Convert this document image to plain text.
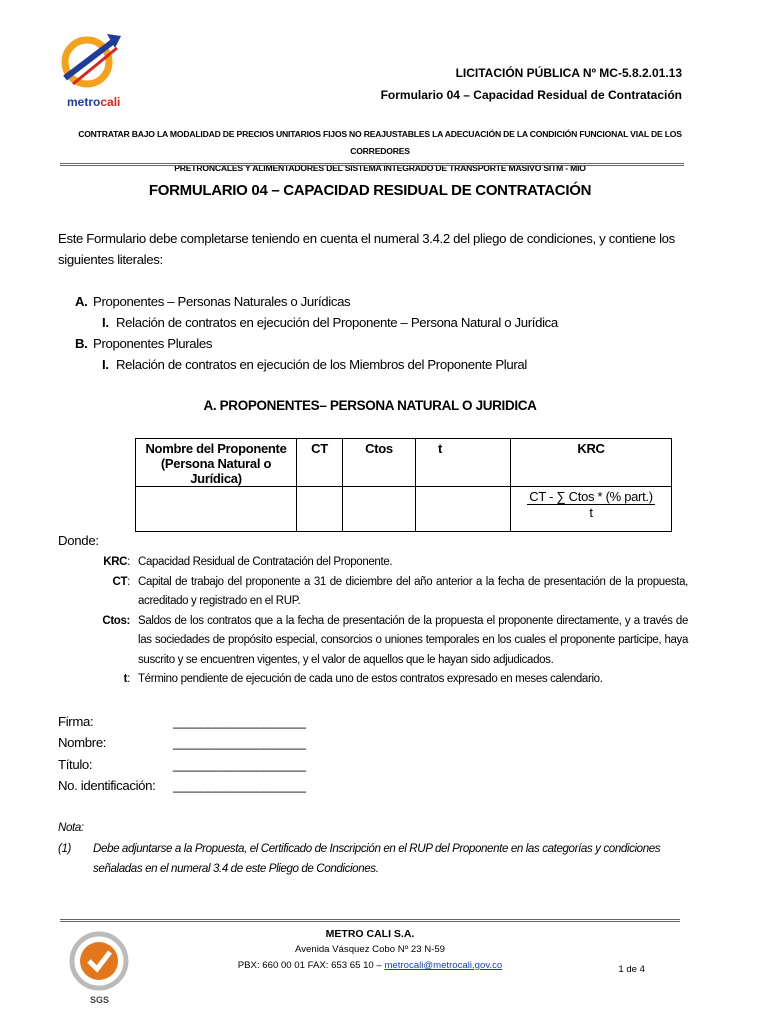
metrocali
LICITACIÓN PÚBLICA Nº MC-5.8.2.01.13
Formulario 04 – Capacidad Residual de Contratación
CONTRATAR BAJO LA MODALIDAD DE PRECIOS UNITARIOS FIJOS NO REAJUSTABLES LA ADECUACIÓN DE LA CONDICIÓN FUNCIONAL VIAL DE LOS CORREDORES
PRETRONCALES Y ALIMENTADORES DEL SISTEMA INTEGRADO DE TRANSPORTE MASIVO SITM - MIO
FORMULARIO 04 – CAPACIDAD RESIDUAL DE CONTRATACIÓN
Este Formulario debe completarse teniendo en cuenta el numeral 3.4.2 del pliego de condiciones, y contiene los siguientes literales:
A. Proponentes – Personas Naturales o Jurídicas
I. Relación de contratos en ejecución del Proponente – Persona Natural o Jurídica
B. Proponentes Plurales
I. Relación de contratos en ejecución de los Miembros del Proponente Plural
A. PROPONENTES– PERSONA NATURAL O JURIDICA
Nombre del Proponente (Persona Natural o Jurídica)	CT	Ctos	t	KRC
				CT - ∑ Ctos * (% part.)
t
Donde:
KRC: Capacidad Residual de Contratación del Proponente.
CT: Capital de trabajo del proponente a 31 de diciembre del año anterior a la fecha de presentación de la propuesta, acreditado y registrado en el RUP.
Ctos: Saldos de los contratos que a la fecha de presentación de la propuesta el proponente directamente, y a través de las sociedades de propósito especial, consorcios o uniones temporales en los cuales el proponente participe, haya suscrito y se encuentren vigentes, y el valor de aquellos que le hayan sido adjudicados.
t: Término pendiente de ejecución de cada uno de estos contratos expresado en meses calendario.
Firma:	___________________
Nombre:	___________________
Título:	___________________
No. identificación:	___________________
Nota:
(1)	Debe adjuntarse a la Propuesta, el Certificado de Inscripción en el RUP del Proponente en las categorías y condiciones señaladas en el numeral 3.4 de este Pliego de Condiciones.
SGS
METRO CALI S.A.
Avenida Vásquez Cobo Nº 23 N-59
PBX: 660 00 01 FAX: 653 65 10 – metrocali@metrocali.gov.co	1 de 4
